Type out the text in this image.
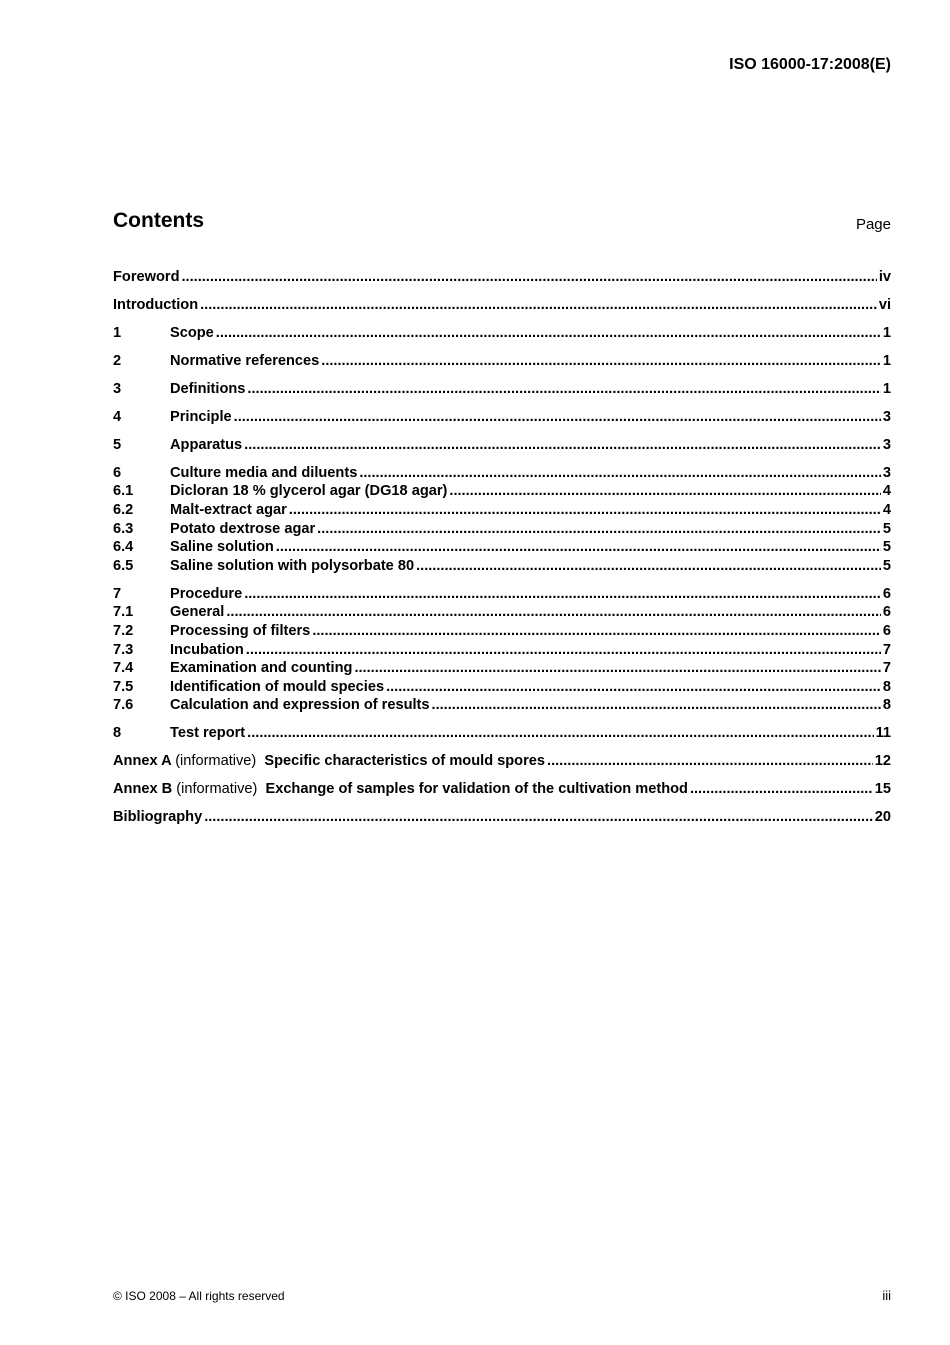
ISO 16000-17:2008(E)
Contents	Page
Foreword .....	iv
Introduction .....	vi
1	Scope .....	1
2	Normative references .....	1
3	Definitions .....	1
4	Principle .....	3
5	Apparatus .....	3
6	Culture media and diluents .....	3
6.1	Dicloran 18 % glycerol agar (DG18 agar) .....	4
6.2	Malt-extract agar .....	4
6.3	Potato dextrose agar .....	5
6.4	Saline solution .....	5
6.5	Saline solution with polysorbate 80 .....	5
7	Procedure .....	6
7.1	General .....	6
7.2	Processing of filters .....	6
7.3	Incubation .....	7
7.4	Examination and counting .....	7
7.5	Identification of mould species .....	8
7.6	Calculation and expression of results .....	8
8	Test report .....	11
Annex A (informative) Specific characteristics of mould spores .....	12
Annex B (informative) Exchange of samples for validation of the cultivation method .....	15
Bibliography .....	20
© ISO 2008 – All rights reserved	iii
